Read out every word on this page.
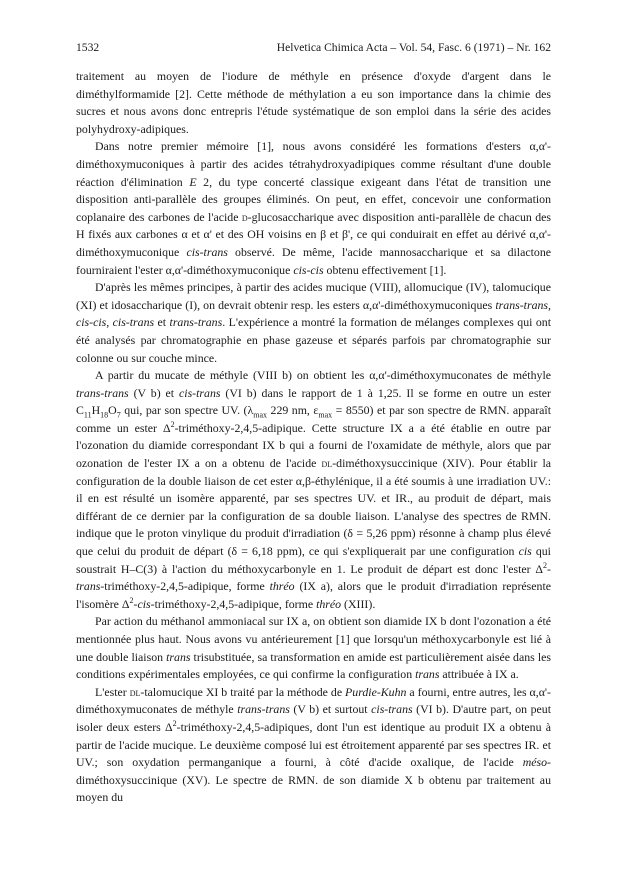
1532	Helvetica Chimica Acta – Vol. 54, Fasc. 6 (1971) – Nr. 162

traitement au moyen de l'iodure de méthyle en présence d'oxyde d'argent dans le diméthylformamide [2]. Cette méthode de méthylation a eu son importance dans la chimie des sucres et nous avons donc entrepris l'étude systématique de son emploi dans la série des acides polyhydroxy-adipiques.

Dans notre premier mémoire [1], nous avons considéré les formations d'esters α,α'-diméthoxymuconiques à partir des acides tétrahydroxyadipiques comme résultant d'une double réaction d'élimination E 2, du type concerté classique exigeant dans l'état de transition une disposition anti-parallèle des groupes éliminés. On peut, en effet, concevoir une conformation coplanaire des carbones de l'acide d-glucosaccharique avec disposition anti-parallèle de chacun des H fixés aux carbones α et α' et des OH voisins en β et β', ce qui conduirait en effet au dérivé α,α'-diméthoxymuconique cis-trans observé. De même, l'acide mannosaccharique et sa dilactone fourniraient l'ester α,α'-diméthoxymuconique cis-cis obtenu effectivement [1].

D'après les mêmes principes, à partir des acides mucique (VIII), allomucique (IV), talomucique (XI) et idosaccharique (I), on devrait obtenir resp. les esters α,α'-diméthoxymuconiques trans-trans, cis-cis, cis-trans et trans-trans. L'expérience a montré la formation de mélanges complexes qui ont été analysés par chromatographie en phase gazeuse et séparés parfois par chromatographie sur colonne ou sur couche mince.

A partir du mucate de méthyle (VIII b) on obtient les α,α'-diméthoxymuconates de méthyle trans-trans (V b) et cis-trans (VI b) dans le rapport de 1 à 1,25. Il se forme en outre un ester $C_{11}H_{18}O_7$ qui, par son spectre UV. ($\lambda_{max}$ 229 nm, $\varepsilon_{max} = 8550$) et par son spectre de RMN. apparaît comme un ester $\Delta^2-triméthoxy-2,4,5$-adipique. Cette structure IX a a été établie en outre par l'ozonation du diamide correspondant IX b qui a fourni de l'oxamidate de méthyle, alors que par ozonation de l'ester IX a on a obtenu de l'acide dl-diméthoxysuccinique (XIV). Pour établir la configuration de la double liaison de cet ester α,β-éthylénique, il a été soumis à une irradiation UV.: il en est résulté un isomère apparenté, par ses spectres UV. et IR., au produit de départ, mais différant de ce dernier par la configuration de sa double liaison. L'analyse des spectres de RMN. indique que le proton vinylique du produit d'irradiation (δ = 5,26 ppm) résonne à champ plus élevé que celui du produit de départ (δ = 6,18 ppm), ce qui s'expliquerait par une configuration cis qui soustrait H–C(3) à l'action du méthoxycarbonyle en 1. Le produit de départ est donc l'ester $\Delta^2-trans-triméthoxy-2,4,5$-adipique, forme thréo (IX a), alors que le produit d'irradiation représente l'isomère $\Delta^2-cis-triméthoxy-2,4,5$-adipique, forme thréo (XIII).

Par action du méthanol ammoniacal sur IX a, on obtient son diamide IX b dont l'ozonation a été mentionnée plus haut. Nous avons vu antérieurement [1] que lorsqu'un méthoxycarbonyle est lié à une double liaison trans trisubstituée, sa transformation en amide est particulièrement aisée dans les conditions expérimentales employées, ce qui confirme la configuration trans attribuée à IX a.

L'ester dl-talomucique XI b traité par la méthode de Purdie-Kuhn a fourni, entre autres, les α,α'-diméthoxymuconates de méthyle trans-trans (V b) et surtout cis-trans (VI b). D'autre part, on peut isoler deux esters $\Delta^2-triméthoxy-2,4,5$-adipiques, dont l'un est identique au produit IX a obtenu à partir de l'acide mucique. Le deuxième composé lui est étroitement apparenté par ses spectres IR. et UV.; son oxydation permanganique a fourni, à côté d'acide oxalique, de l'acide méso-diméthoxysuccinique (XV). Le spectre de RMN. de son diamide X b obtenu par traitement au moyen du
